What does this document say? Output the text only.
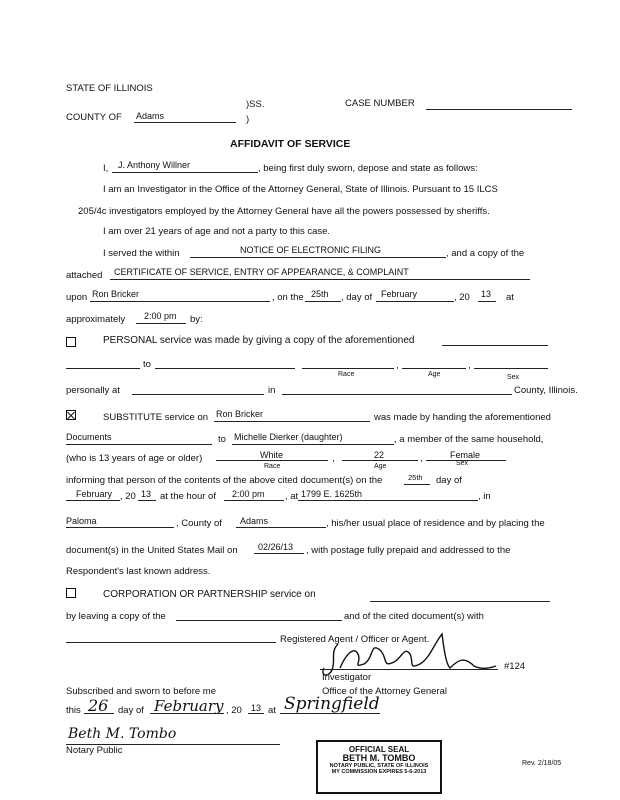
STATE OF ILLINOIS
)SS.	CASE NUMBER
COUNTY OF Adams	)
AFFIDAVIT OF SERVICE
I, J. Anthony Willner	, being first duly sworn, depose and state as follows:
I am an Investigator in the Office of the Attorney General, State of Illinois. Pursuant to 15 ILCS
205/4c investigators employed by the Attorney General have all the powers possessed by sheriffs.
I am over 21 years of age and not a party to this case.
I served the within	NOTICE OF ELECTRONIC FILING	, and a copy of the
attached CERTIFICATE OF SERVICE, ENTRY OF APPEARANCE, & COMPLAINT
upon Ron Bricker	, on the 25th , day of February	, 20 13 at
approximately 2:00 pm by:
PERSONAL service was made by giving a copy of the aforementioned
to	,	,
Race	Age	Sex
personally at	in	County, Illinois.
SUBSTITUTE service on Ron Bricker	was made by handing the aforementioned
Documents	to Michelle Dierker (daughter)	, a member of the same household,
(who is 13 years of age or older)	White	,	22	,	Female
Race	Age	Sex
informing that person of the contents of the above cited document(s) on the	25th day of
February , 20 13 at the hour of 2:00 pm , at 1799 E. 1625th	, in
Paloma	, County of Adams	, his/her usual place of residence and by placing the
document(s) in the United States Mail on 02/26/13 , with postage fully prepaid and addressed to the
Respondent's last known address.
CORPORATION OR PARTNERSHIP service on
by leaving a copy of the	and of the cited document(s) with
Registered Agent / Officer or Agent.
#124
Investigator
Office of the Attorney General
Subscribed and sworn to before me
this 26 day of February , 20 13 at Springfield
Beth M. Tombo
Notary Public	OFFICIAL SEAL
BETH M. TOMBO
NOTARY PUBLIC, STATE OF ILLINOIS
MY COMMISSION EXPIRES 5-6-2013
Rev. 2/18/05
